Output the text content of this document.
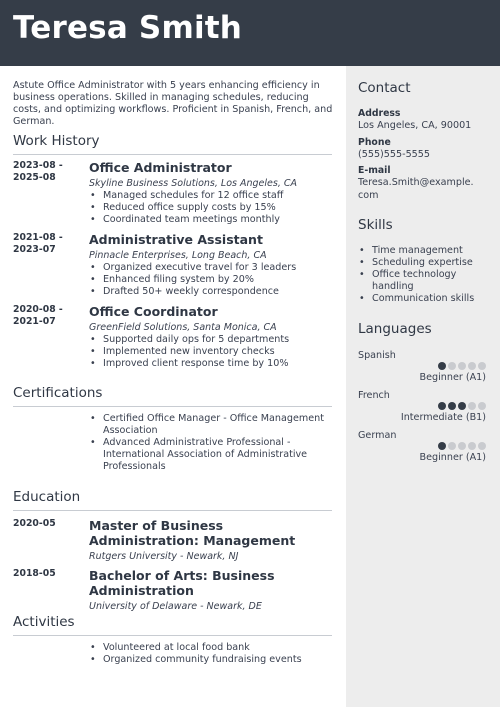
Teresa Smith

Astute Office Administrator with 5 years enhancing efficiency in business operations. Skilled in managing schedules, reducing costs, and optimizing workflows. Proficient in Spanish, French, and German.

Work History
2023-08 -
2025-08
Office Administrator
Skyline Business Solutions, Los Angeles, CA
• Managed schedules for 12 office staff
• Reduced office supply costs by 15%
• Coordinated team meetings monthly
2021-08 -
2023-07
Administrative Assistant
Pinnacle Enterprises, Long Beach, CA
• Organized executive travel for 3 leaders
• Enhanced filing system by 20%
• Drafted 50+ weekly correspondence
2020-08 -
2021-07
Office Coordinator
GreenField Solutions, Santa Monica, CA
• Supported daily ops for 5 departments
• Implemented new inventory checks
• Improved client response time by 10%
Certifications
• Certified Office Manager - Office Management Association
• Advanced Administrative Professional - International Association of Administrative Professionals
Education
2020-05	Master of Business Administration: Management
Rutgers University - Newark, NJ
2018-05	Bachelor of Arts: Business Administration
University of Delaware - Newark, DE
Activities
• Volunteered at local food bank
• Organized community fundraising events
Contact
Address
Los Angeles, CA, 90001
Phone
(555)555-5555
E-mail
Teresa.Smith@example.com
Skills
• Time management
• Scheduling expertise
• Office technology handling
• Communication skills
Languages
Spanish
Beginner (A1)
French
Intermediate (B1)
German
Beginner (A1)
